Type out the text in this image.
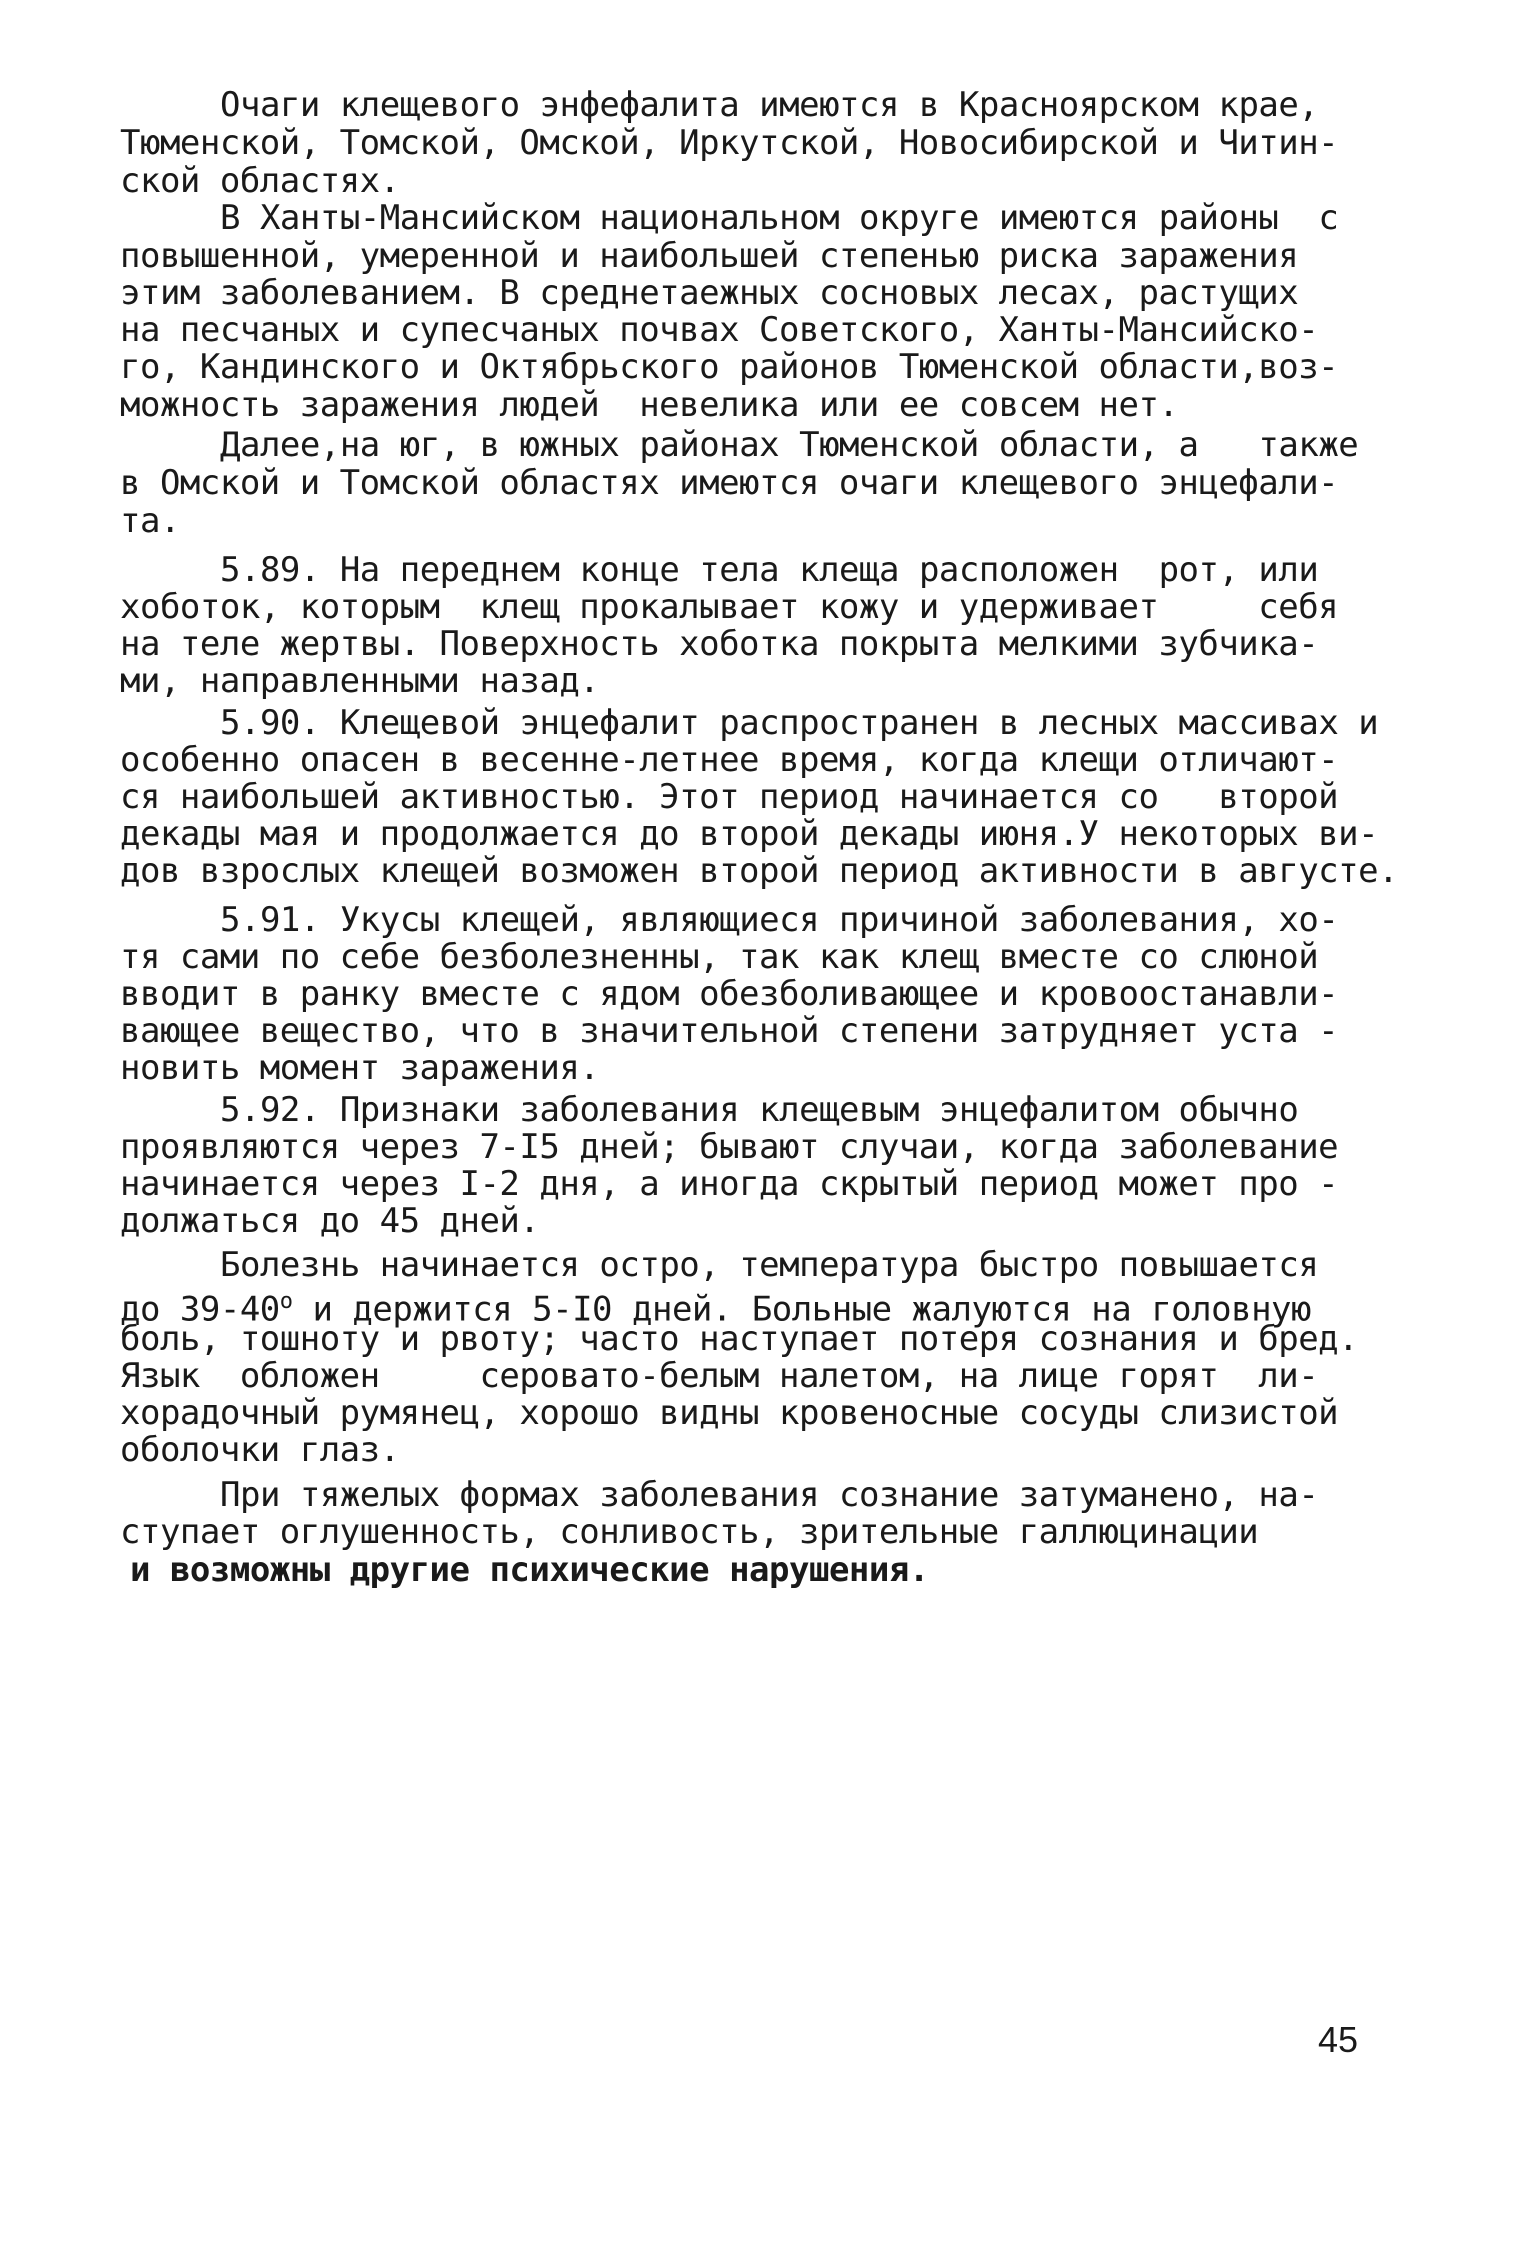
Очаги клещевого энфефалита имеются в Красноярском крае,
Тюменской, Томской, Омской, Иркутской, Новосибирской и Читин-
ской областях.
В Ханты-Мансийском национальном округе имеются районы  с
повышенной, умеренной и наибольшей степенью риска заражения
этим заболеванием. В среднетаежных сосновых лесах, растущих
на песчаных и супесчаных почвах Советского, Ханты-Мансийско-
го, Кандинского и Октябрьского районов Тюменской области,воз-
можность заражения людей  невелика или ее совсем нет.
Далее,на юг, в южных районах Тюменской области, а   также
в Омской и Томской областях имеются очаги клещевого энцефали-
та.
5.89. На переднем конце тела клеща расположен  рот, или
хоботок, которым  клещ прокалывает кожу и удерживает     себя
на теле жертвы. Поверхность хоботка покрыта мелкими зубчика-
ми, направленными назад.
5.90. Клещевой энцефалит распространен в лесных массивах и
особенно опасен в весенне-летнее время, когда клещи отличают-
ся наибольшей активностью. Этот период начинается со   второй
декады мая и продолжается до второй декады июня.У некоторых ви-
дов взрослых клещей возможен второй период активности в августе.
5.91. Укусы клещей, являющиеся причиной заболевания, хо-
тя сами по себе безболезненны, так как клещ вместе со слюной
вводит в ранку вместе с ядом обезболивающее и кровоостанавли-
вающее вещество, что в значительной степени затрудняет уста -
новить момент заражения.
5.92. Признаки заболевания клещевым энцефалитом обычно
проявляются через 7-I5 дней; бывают случаи, когда заболевание
начинается через I-2 дня, а иногда скрытый период может про -
должаться до 45 дней.
Болезнь начинается остро, температура быстро повышается
до 39-40$^o$ и держится 5-I0 дней. Больные жалуются на головную
боль, тошноту и рвоту; часто наступает потеря сознания и бред.
Язык  обложен     серовато-белым налетом, на лице горят  ли-
хорадочный румянец, хорошо видны кровеносные сосуды слизистой
оболочки глаз.
При тяжелых формах заболевания сознание затуманено, на-
ступает оглушенность, сонливость, зрительные галлюцинации
и возможны другие психические нарушения.
45
